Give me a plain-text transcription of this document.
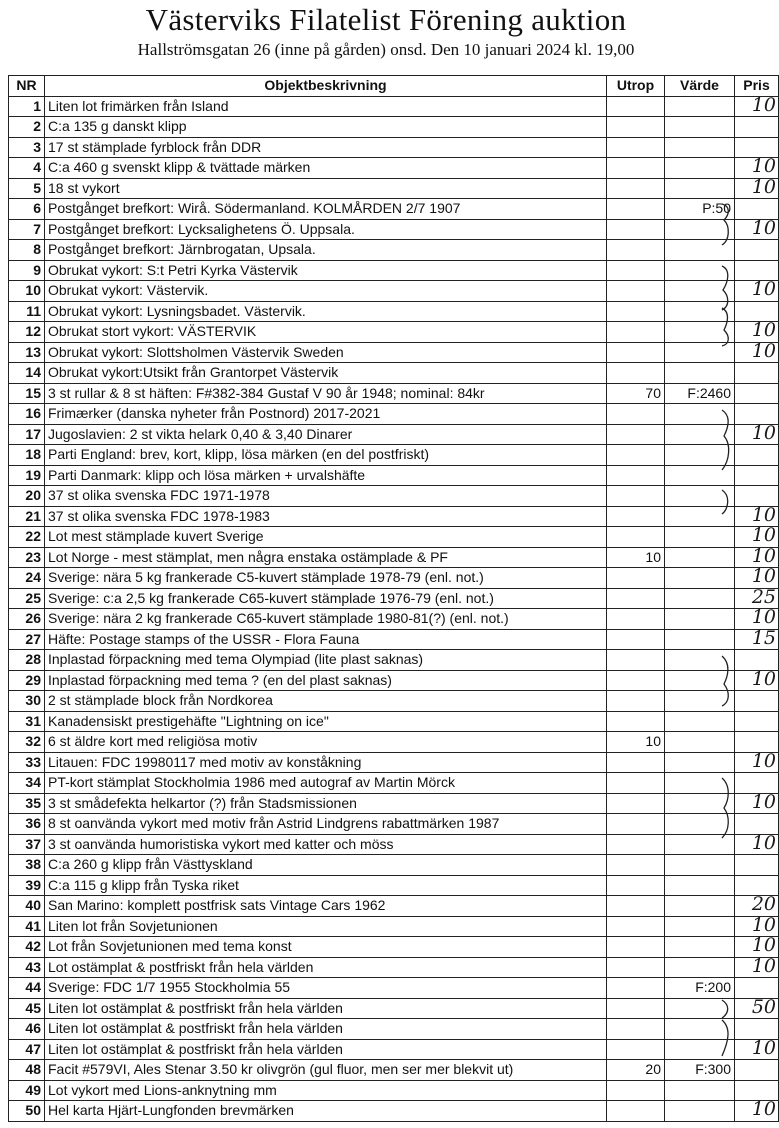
Västerviks Filatelist Förening auktion
Hallströmsgatan 26 (inne på gården) onsd. Den 10 januari 2024 kl. 19,00
NR	Objektbeskrivning	Utrop	Värde	Pris
1	Liten lot frimärken från Island			10

2	C:a 135 g danskt klipp			

3	17 st stämplade fyrblock från DDR			

4	C:a 460 g svenskt klipp & tvättade märken			10

5	18 st vykort			10

6	Postgånget brefkort: Wirå. Södermanland. KOLMÅRDEN 2/7 1907		P:50	

7	Postgånget brefkort: Lycksalighetens Ö. Uppsala.			10

8	Postgånget brefkort: Järnbrogatan, Upsala.			

9	Obrukat vykort: S:t Petri Kyrka Västervik			

10	Obrukat vykort: Västervik.			10

11	Obrukat vykort: Lysningsbadet. Västervik.			

12	Obrukat stort vykort: VÄSTERVIK			10

13	Obrukat vykort: Slottsholmen Västervik Sweden			10

14	Obrukat vykort:Utsikt från Grantorpet Västervik			

15	3 st rullar & 8 st häften: F#382-384 Gustaf V 90 år 1948; nominal: 84kr	70	F:2460	

16	Frimærker (danska nyheter från Postnord) 2017-2021			

17	Jugoslavien: 2 st vikta helark 0,40 & 3,40 Dinarer			10

18	Parti England: brev, kort, klipp, lösa märken (en del postfriskt)			

19	Parti Danmark: klipp och lösa märken + urvalshäfte			

20	37 st olika svenska FDC 1971-1978			

21	37 st olika svenska FDC 1978-1983			10

22	Lot mest stämplade kuvert Sverige			10

23	Lot Norge - mest stämplat, men några enstaka ostämplade & PF	10		10

24	Sverige: nära 5 kg frankerade C5-kuvert stämplade 1978-79 (enl. not.)			10

25	Sverige: c:a 2,5 kg frankerade C65-kuvert stämplade 1976-79 (enl. not.)			25

26	Sverige: nära 2 kg frankerade C65-kuvert stämplade 1980-81(?) (enl. not.)			10

27	Häfte: Postage stamps of the USSR - Flora Fauna			15

28	Inplastad förpackning med tema Olympiad (lite plast saknas)			

29	Inplastad förpackning med tema ? (en del plast saknas)			10

30	2 st stämplade block från Nordkorea			

31	Kanadensiskt prestigehäfte "Lightning on ice"			

32	6 st äldre kort med religiösa motiv	10		

33	Litauen: FDC 19980117 med motiv av konståkning			10

34	PT-kort stämplat Stockholmia 1986 med autograf av Martin Mörck			

35	3 st smådefekta helkartor (?) från Stadsmissionen			10

36	8 st oanvända vykort med motiv från Astrid Lindgrens rabattmärken 1987			

37	3 st oanvända humoristiska vykort med katter och möss			10

38	C:a 260 g klipp från Västtyskland			

39	C:a 115 g klipp från Tyska riket			

40	San Marino: komplett postfrisk sats Vintage Cars 1962			20

41	Liten lot från Sovjetunionen			10

42	Lot från Sovjetunionen med tema konst			10

43	Lot ostämplat & postfriskt från hela världen			10

44	Sverige: FDC 1/7 1955 Stockholmia 55		F:200	

45	Liten lot ostämplat & postfriskt från hela världen			50

46	Liten lot ostämplat & postfriskt från hela världen			

47	Liten lot ostämplat & postfriskt från hela världen			10

48	Facit #579VI, Ales Stenar 3.50 kr olivgrön (gul fluor, men ser mer blekvit ut)	20	F:300	

49	Lot vykort med Lions-anknytning mm			

50	Hel karta Hjärt-Lungfonden brevmärken			10
